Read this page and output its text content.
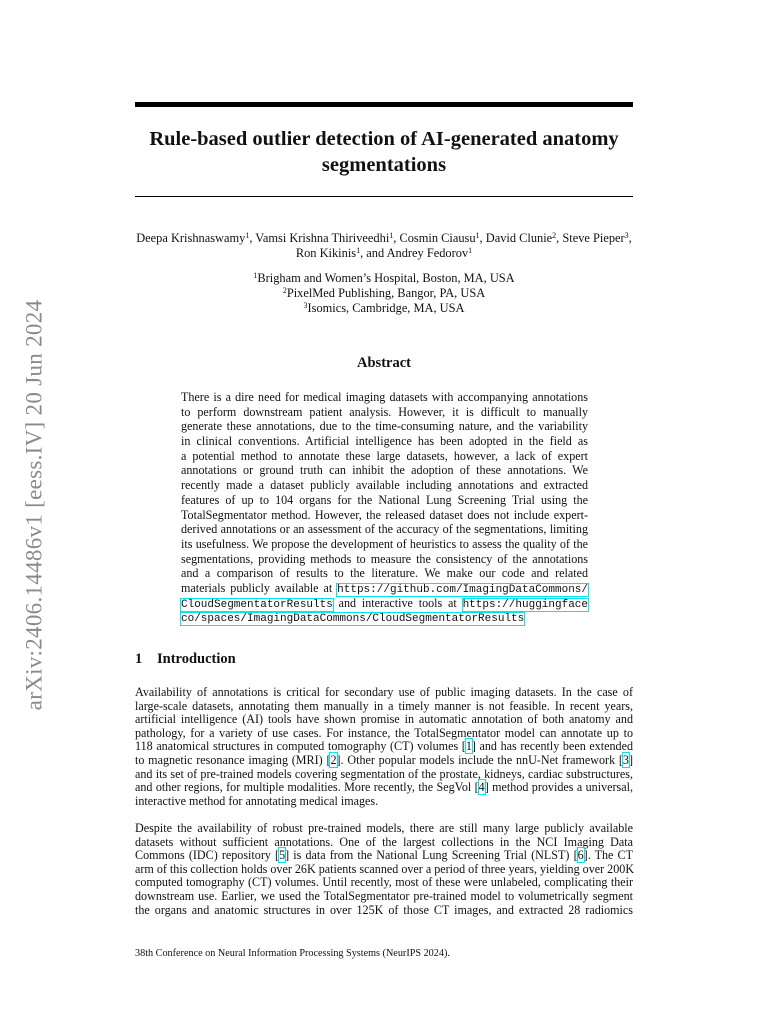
arXiv:2406.14486v1 [eess.IV] 20 Jun 2024
Rule-based outlier detection of AI-generated anatomy
segmentations
Deepa Krishnaswamy$^1$, Vamsi Krishna Thiriveedhi$^1$, Cosmin Ciausu$^1$, David Clunie$^2$, Steve Pieper$^3$,
Ron Kikinis$^1$, and Andrey Fedorov$^1$
$^1$Brigham and Women’s Hospital, Boston, MA, USA
$^2$PixelMed Publishing, Bangor, PA, USA
$^3$Isomics, Cambridge, MA, USA
Abstract
There is a dire need for medical imaging datasets with accompanying annotations
to perform downstream patient analysis. However, it is difficult to manually
generate these annotations, due to the time-consuming nature, and the variability
in clinical conventions. Artificial intelligence has been adopted in the field as
a potential method to annotate these large datasets, however, a lack of expert
annotations or ground truth can inhibit the adoption of these annotations. We
recently made a dataset publicly available including annotations and extracted
features of up to 104 organs for the National Lung Screening Trial using the
TotalSegmentator method. However, the released dataset does not include expert-
derived annotations or an assessment of the accuracy of the segmentations, limiting
its usefulness. We propose the development of heuristics to assess the quality of the
segmentations, providing methods to measure the consistency of the annotations
and a comparison of results to the literature. We make our code and related
materials publicly available at https://github.com/ImagingDataCommons/
CloudSegmentatorResults and interactive tools at https://huggingface
co/spaces/ImagingDataCommons/CloudSegmentatorResults
1 Introduction
Availability of annotations is critical for secondary use of public imaging datasets. In the case of
large-scale datasets, annotating them manually in a timely manner is not feasible. In recent years,
artificial intelligence (AI) tools have shown promise in automatic annotation of both anatomy and
pathology, for a variety of use cases. For instance, the TotalSegmentator model can annotate up to
118 anatomical structures in computed tomography (CT) volumes [1] and has recently been extended
to magnetic resonance imaging (MRI) [2]. Other popular models include the nnU-Net framework [3]
and its set of pre-trained models covering segmentation of the prostate, kidneys, cardiac substructures,
and other regions, for multiple modalities. More recently, the SegVol [4] method provides a universal,
interactive method for annotating medical images.
Despite the availability of robust pre-trained models, there are still many large publicly available
datasets without sufficient annotations. One of the largest collections in the NCI Imaging Data
Commons (IDC) repository [5] is data from the National Lung Screening Trial (NLST) [6]. The CT
arm of this collection holds over 26K patients scanned over a period of three years, yielding over 200K
computed tomography (CT) volumes. Until recently, most of these were unlabeled, complicating their
downstream use. Earlier, we used the TotalSegmentator pre-trained model to volumetrically segment
the organs and anatomic structures in over 125K of those CT images, and extracted 28 radiomics
38th Conference on Neural Information Processing Systems (NeurIPS 2024).
